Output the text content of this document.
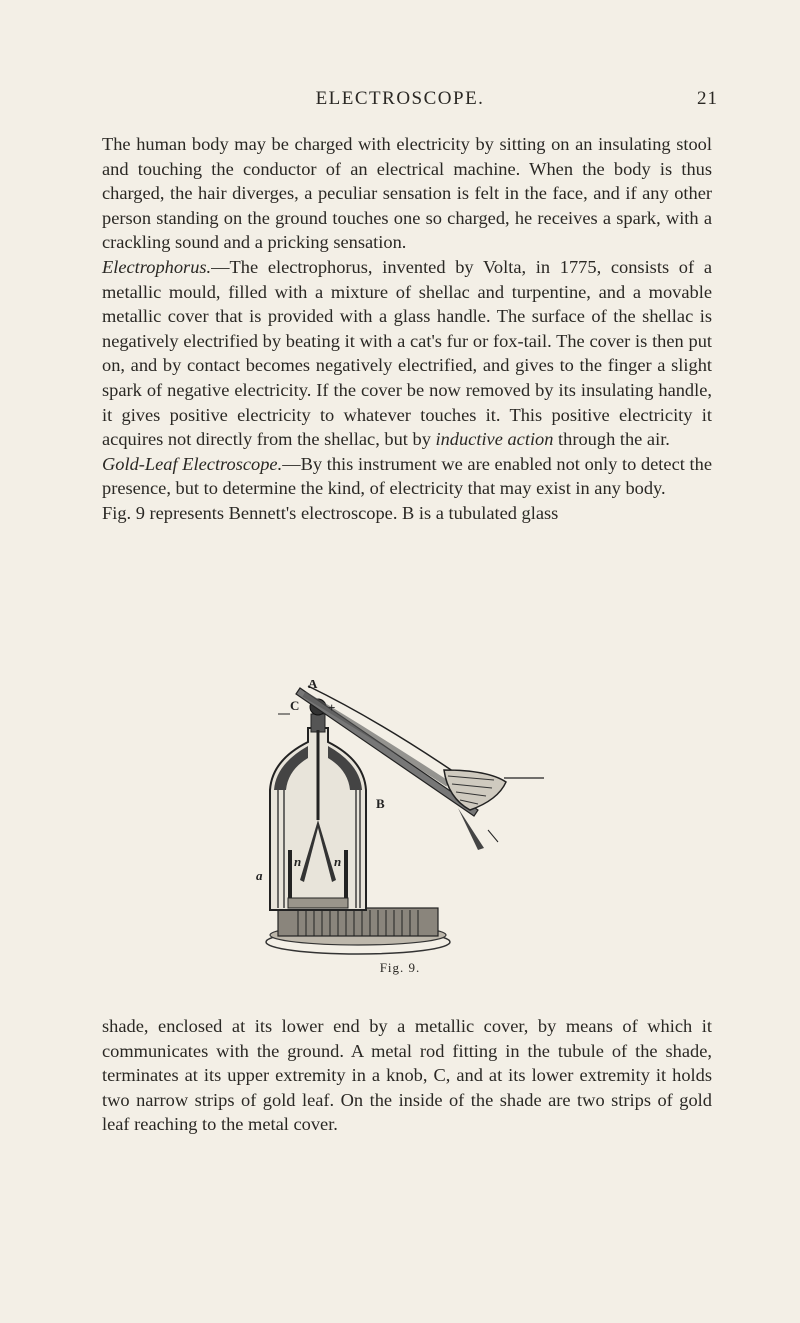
ELECTROSCOPE.	21

The human body may be charged with electricity by sitting on an insulating stool and touching the conductor of an electrical machine. When the body is thus charged, the hair diverges, a peculiar sensation is felt in the face, and if any other person standing on the ground touches one so charged, he receives a spark, with a crackling sound and a pricking sensation.

Electrophorus.—The electrophorus, invented by Volta, in 1775, consists of a metallic mould, filled with a mixture of shellac and turpentine, and a movable metallic cover that is provided with a glass handle. The surface of the shellac is negatively electrified by beating it with a cat's fur or fox-tail. The cover is then put on, and by contact becomes negatively electrified, and gives to the finger a slight spark of negative electricity. If the cover be now removed by its insulating handle, it gives positive electricity to whatever touches it. This positive electricity it acquires not directly from the shellac, but by inductive action through the air.

Gold-Leaf Electroscope.—By this instrument we are enabled not only to detect the presence, but to determine the kind, of electricity that may exist in any body.

Fig. 9 represents Bennett's electroscope. B is a tubulated glass

A
C +
B
n	n
a
Fig. 9.

shade, enclosed at its lower end by a metallic cover, by means of which it communicates with the ground. A metal rod fitting in the tubule of the shade, terminates at its upper extremity in a knob, C, and at its lower extremity it holds two narrow strips of gold leaf. On the inside of the shade are two strips of gold leaf reaching to the metal cover.
